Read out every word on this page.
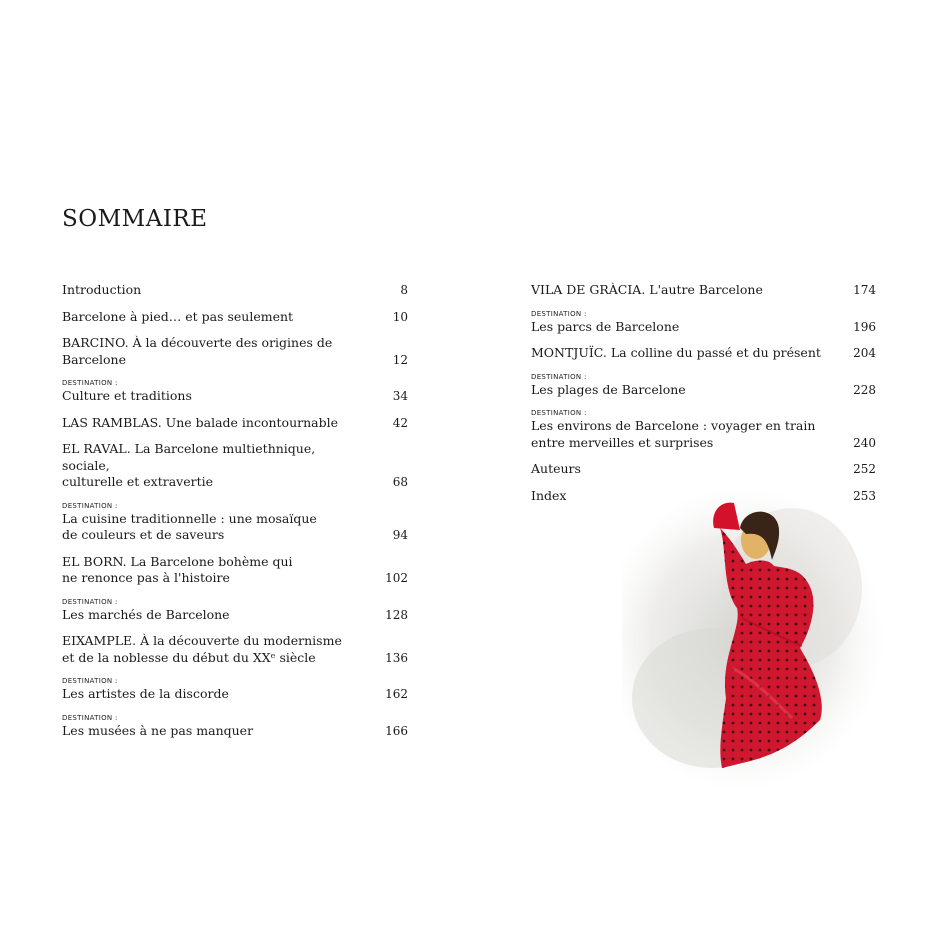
SOMMAIRE
Introduction	8
Barcelone à pied… et pas seulement	10
BARCINO. À la découverte des origines de Barcelone	12
DESTINATION :
Culture et traditions	34
LAS RAMBLAS. Une balade incontournable	42
EL RAVAL. La Barcelone multiethnique, sociale,
culturelle et extravertie	68
DESTINATION :
La cuisine traditionnelle : une mosaïque
de couleurs et de saveurs	94
EL BORN. La Barcelone bohème qui
ne renonce pas à l'histoire	102
DESTINATION :
Les marchés de Barcelone	128
EIXAMPLE. À la découverte du modernisme
et de la noblesse du début du XXᵉ siècle	136
DESTINATION :
Les artistes de la discorde	162
DESTINATION :
Les musées à ne pas manquer	166
VILA DE GRÀCIA. L'autre Barcelone	174
DESTINATION :
Les parcs de Barcelone	196
MONTJUÏC. La colline du passé et du présent	204
DESTINATION :
Les plages de Barcelone	228
DESTINATION :
Les environs de Barcelone : voyager en train
entre merveilles et surprises	240
Auteurs	252
Index	253
